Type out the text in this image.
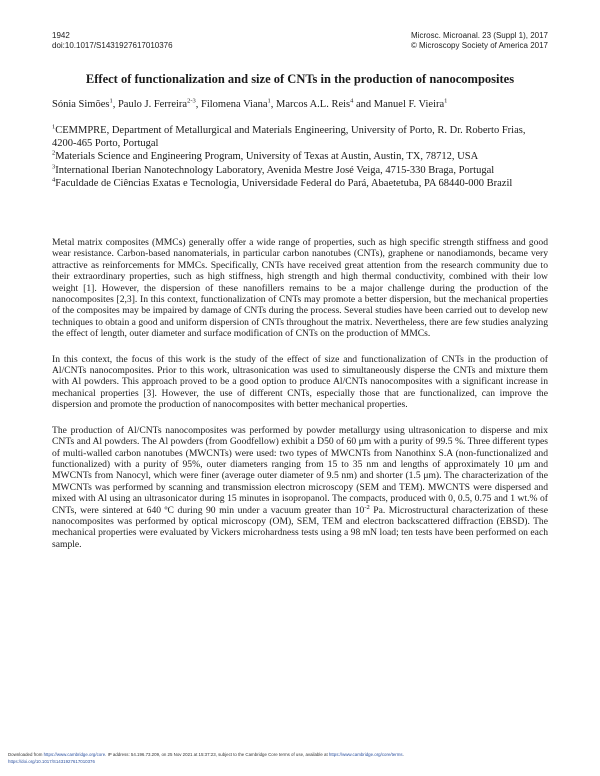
1942
doi:10.1017/S1431927617010376
Microsc. Microanal. 23 (Suppl 1), 2017
© Microscopy Society of America 2017
Effect of functionalization and size of CNTs in the production of nanocomposites
Sónia Simões$^1$, Paulo J. Ferreira$^{2-3}$, Filomena Viana$^1$, Marcos A.L. Reis$^4$ and Manuel F. Vieira$^1$
$^1$CEMMPRE, Department of Metallurgical and Materials Engineering, University of Porto, R. Dr. Roberto Frias, 4200-465 Porto, Portugal
$^2$Materials Science and Engineering Program, University of Texas at Austin, Austin, TX, 78712, USA
$^3$International Iberian Nanotechnology Laboratory, Avenida Mestre José Veiga, 4715-330 Braga, Portugal
$^4$Faculdade de Ciências Exatas e Tecnologia, Universidade Federal do Pará, Abaetetuba, PA 68440-000 Brazil

Metal matrix composites (MMCs) generally offer a wide range of properties, such as high specific strength stiffness and good wear resistance. Carbon-based nanomaterials, in particular carbon nanotubes (CNTs), graphene or nanodiamonds, became very attractive as reinforcements for MMCs. Specifically, CNTs have received great attention from the research community due to their extraordinary properties, such as high stiffness, high strength and high thermal conductivity, combined with their low weight [1]. However, the dispersion of these nanofillers remains to be a major challenge during the production of the nanocomposites [2,3]. In this context, functionalization of CNTs may promote a better dispersion, but the mechanical properties of the composites may be impaired by damage of CNTs during the process. Several studies have been carried out to develop new techniques to obtain a good and uniform dispersion of CNTs throughout the matrix. Nevertheless, there are few studies analyzing the effect of length, outer diameter and surface modification of CNTs on the production of MMCs.

In this context, the focus of this work is the study of the effect of size and functionalization of CNTs in the production of Al/CNTs nanocomposites. Prior to this work, ultrasonication was used to simultaneously disperse the CNTs and mixture them with Al powders. This approach proved to be a good option to produce Al/CNTs nanocomposites with a significant increase in mechanical properties [3]. However, the use of different CNTs, especially those that are functionalized, can improve the dispersion and promote the production of nanocomposites with better mechanical properties.

The production of Al/CNTs nanocomposites was performed by powder metallurgy using ultrasonication to disperse and mix CNTs and Al powders. The Al powders (from Goodfellow) exhibit a D50 of 60 μm with a purity of 99.5 %. Three different types of multi-walled carbon nanotubes (MWCNTs) were used: two types of MWCNTs from Nanothinx S.A (non-functionalized and functionalized) with a purity of 95%, outer diameters ranging from 15 to 35 nm and lengths of approximately 10 μm and MWCNTs from Nanocyl, which were finer (average outer diameter of 9.5 nm) and shorter (1.5 μm). The characterization of the MWCNTs was performed by scanning and transmission electron microscopy (SEM and TEM). MWCNTS were dispersed and mixed with Al using an ultrasonicator during 15 minutes in isopropanol. The compacts, produced with 0, 0.5, 0.75 and 1 wt.% of CNTs, were sintered at 640 ºC during 90 min under a vacuum greater than $10^{-2}$ Pa. Microstructural characterization of these nanocomposites was performed by optical microscopy (OM), SEM, TEM and electron backscattered diffraction (EBSD). The mechanical properties were evaluated by Vickers microhardness tests using a 98 mN load; ten tests have been performed on each sample.

Downloaded from https://www.cambridge.org/core. IP address: 54.196.73.209, on 25 Nov 2021 at 15:37:23, subject to the Cambridge Core terms of use, available at https://www.cambridge.org/core/terms.
https://doi.org/10.1017/S1431927617010376
